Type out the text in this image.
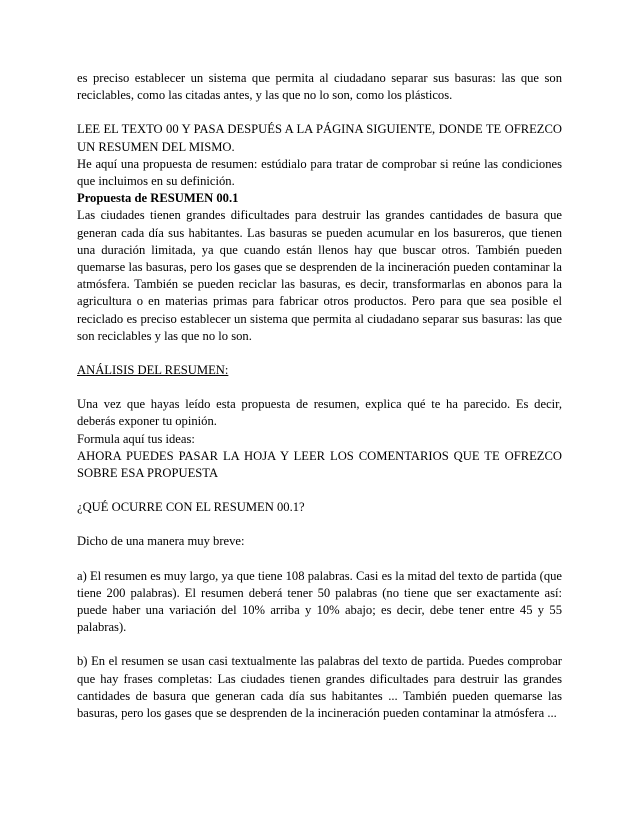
es preciso establecer un sistema que permita al ciudadano separar sus basuras: las que son reciclables, como las citadas antes, y las que no lo son, como los plásticos.

LEE EL TEXTO 00 Y PASA DESPUÉS A LA PÁGINA SIGUIENTE, DONDE TE OFREZCO UN RESUMEN DEL MISMO.

He aquí una propuesta de resumen: estúdialo para tratar de comprobar si reúne las condiciones que incluimos en su definición.

Propuesta de RESUMEN 00.1

Las ciudades tienen grandes dificultades para destruir las grandes cantidades de basura que generan cada día sus habitantes. Las basuras se pueden acumular en los basureros, que tienen una duración limitada, ya que cuando están llenos hay que buscar otros. También pueden quemarse las basuras, pero los gases que se desprenden de la incineración pueden contaminar la atmósfera. También se pueden reciclar las basuras, es decir, transformarlas en abonos para la agricultura o en materias primas para fabricar otros productos. Pero para que sea posible el reciclado es preciso establecer un sistema que permita al ciudadano separar sus basuras: las que son reciclables y las que no lo son.

ANÁLISIS DEL RESUMEN:

Una vez que hayas leído esta propuesta de resumen, explica qué te ha parecido. Es decir, deberás exponer tu opinión.

Formula aquí tus ideas:

AHORA PUEDES PASAR LA HOJA Y LEER LOS COMENTARIOS QUE TE OFREZCO SOBRE ESA PROPUESTA

¿QUÉ OCURRE CON EL RESUMEN 00.1?

Dicho de una manera muy breve:

a) El resumen es muy largo, ya que tiene 108 palabras. Casi es la mitad del texto de partida (que tiene 200 palabras). El resumen deberá tener 50 palabras (no tiene que ser exactamente así: puede haber una variación del 10% arriba y 10% abajo; es decir, debe tener entre 45 y 55 palabras).

b) En el resumen se usan casi textualmente las palabras del texto de partida. Puedes comprobar que hay frases completas: Las ciudades tienen grandes dificultades para destruir las grandes cantidades de basura que generan cada día sus habitantes ... También pueden quemarse las basuras, pero los gases que se desprenden de la incineración pueden contaminar la atmósfera ...
